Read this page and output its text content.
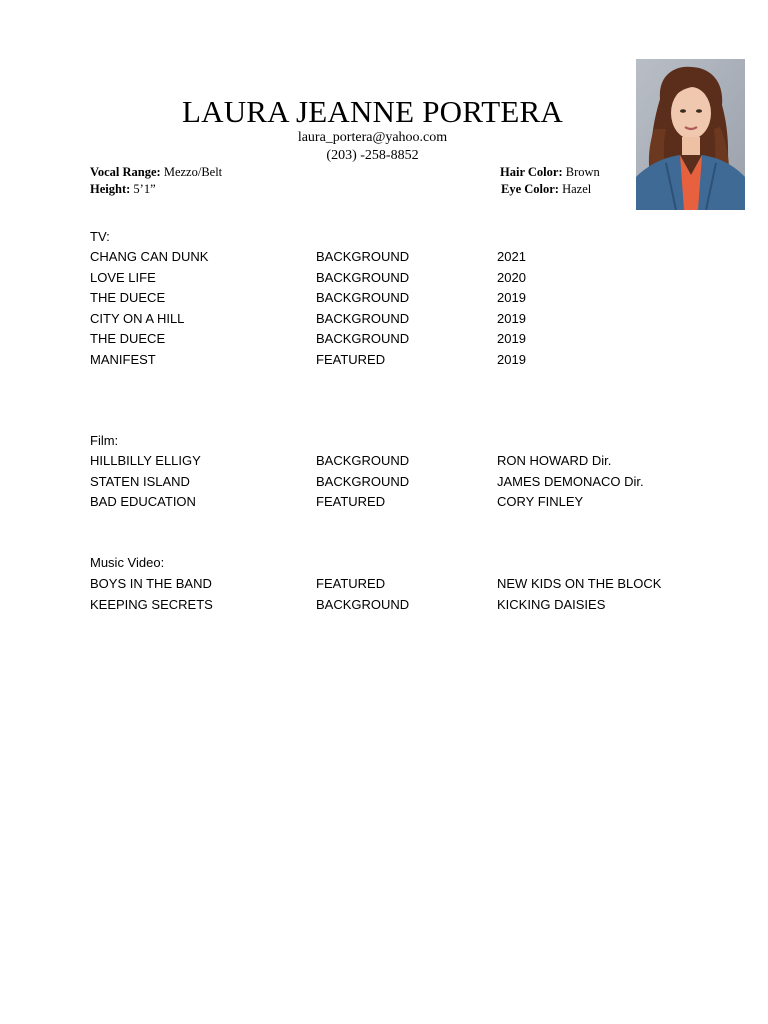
LAURA JEANNE PORTERA
laura_portera@yahoo.com
(203) -258-8852
Vocal Range: Mezzo/Belt
Height: 5’1”
Hair Color: Brown
Eye Color: Hazel
TV:
CHANG CAN DUNK	BACKGROUND	2021
LOVE LIFE	BACKGROUND	2020
THE DUECE	BACKGROUND	2019
CITY ON A HILL	BACKGROUND	2019
THE DUECE	BACKGROUND	2019
MANIFEST	FEATURED	2019
Film:
HILLBILLY ELLIGY	BACKGROUND	RON HOWARD Dir.
STATEN ISLAND	BACKGROUND	JAMES DEMONACO Dir.
BAD EDUCATION	FEATURED	CORY FINLEY
Music Video:
BOYS IN THE BAND	FEATURED	NEW KIDS ON THE BLOCK
KEEPING SECRETS	BACKGROUND	KICKING DAISIES
